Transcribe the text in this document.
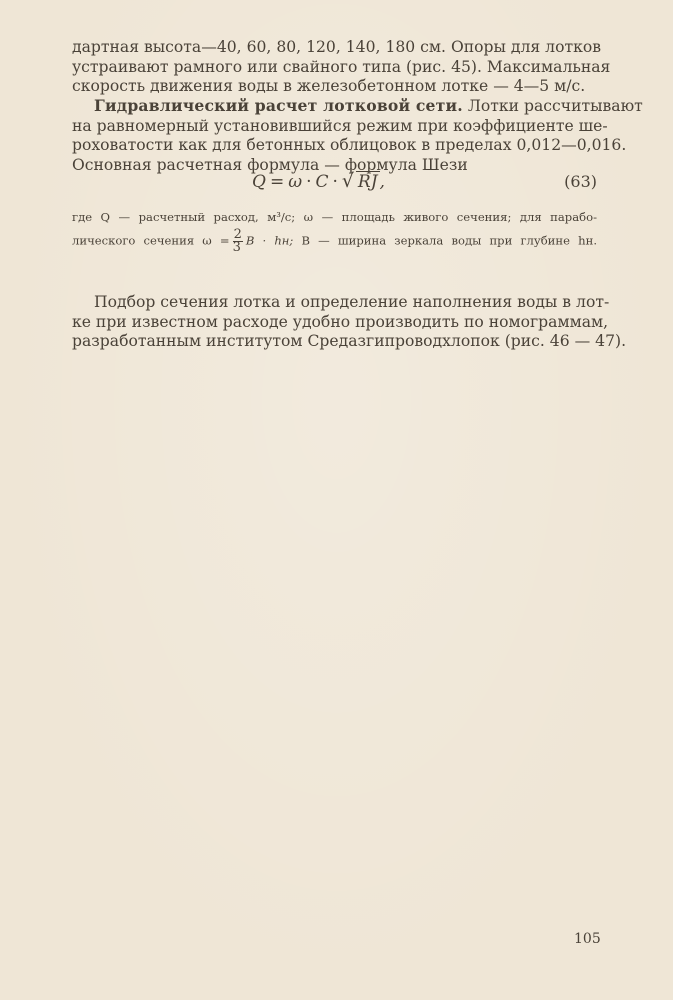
дартная высота—40, 60, 80, 120, 140, 180 см. Опоры для лотков
устраивают рамного или свайного типа (рис. 45). Максимальная
скорость движения воды в железобетонном лотке — 4—5 м/с.

Гидравлический расчет лотковой сети. Лотки рассчитывают
на равномерный установившийся режим при коэффициенте ше-
роховатости как для бетонных облицовок в пределах 0,012—0,016.
Основная расчетная формула — формула Шези

Q = ω · C · √ RJ ,	(63)
где Q — расчетный расход, м³/с; ω — площадь живого сечения; для парабо-
лического сечения $\omega = \frac{2}{3}$ B · hн; B — ширина зеркала воды при глубине hн.

Подбор сечения лотка и определение наполнения воды в лот-
ке при известном расходе удобно производить по номограммам,
разработанным институтом Средазгипроводхлопок (рис. 46 — 47).

105
